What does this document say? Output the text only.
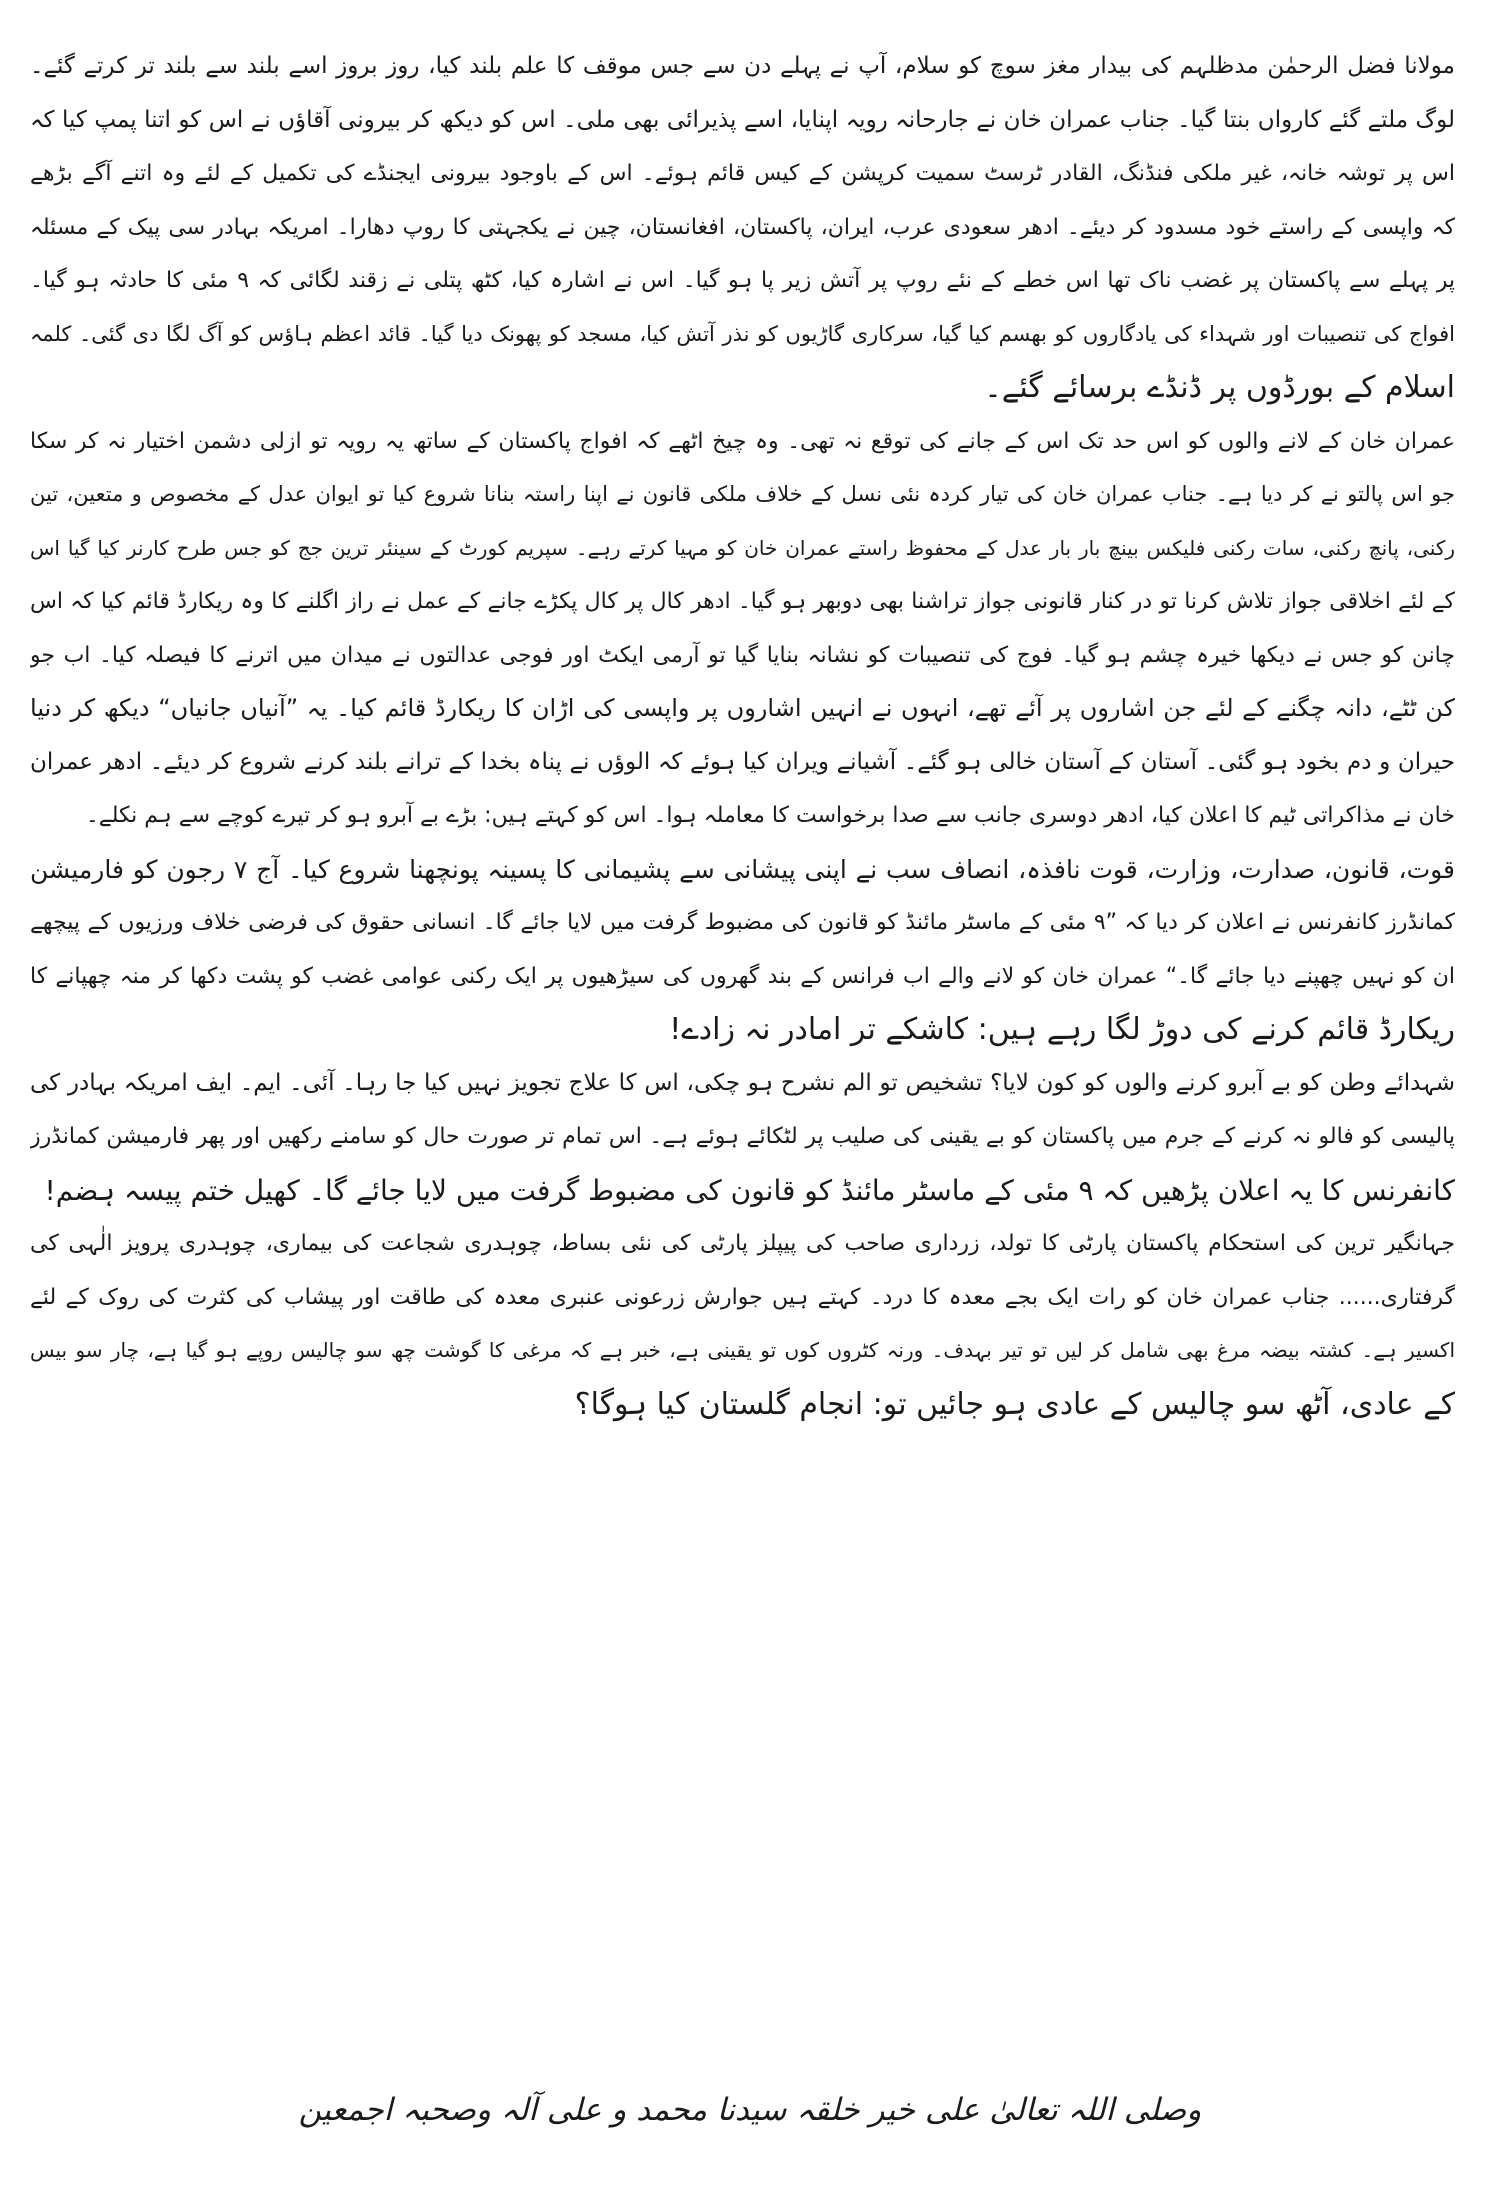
مولانا فضل الرحمٰن مدظلہم کی بیدار مغز سوچ کو سلام، آپ نے پہلے دن سے جس موقف کا علم بلند کیا، روز بروز اسے بلند سے بلند تر کرتے گئے۔
لوگ ملتے گئے کارواں بنتا گیا۔ جناب عمران خان نے جارحانہ رویہ اپنایا، اسے پذیرائی بھی ملی۔ اس کو دیکھ کر بیرونی آقاؤں نے اس کو اتنا پمپ کیا کہ
اس پر توشہ خانہ، غیر ملکی فنڈنگ، القادر ٹرسٹ سمیت کرپشن کے کیس قائم ہوئے۔ اس کے باوجود بیرونی ایجنڈے کی تکمیل کے لئے وہ اتنے آگے بڑھے
کہ واپسی کے راستے خود مسدود کر دیئے۔ ادھر سعودی عرب، ایران، پاکستان، افغانستان، چین نے یکجہتی کا روپ دھارا۔ امریکہ بہادر سی پیک کے مسئلہ
پر پہلے سے پاکستان پر غضب ناک تھا اس خطے کے نئے روپ پر آتش زیر پا ہو گیا۔ اس نے اشارہ کیا، کٹھ پتلی نے زقند لگائی کہ ۹ مئی کا حادثہ ہو گیا۔
افواج کی تنصیبات اور شہداء کی یادگاروں کو بھسم کیا گیا، سرکاری گاڑیوں کو نذر آتش کیا، مسجد کو پھونک دیا گیا۔ قائد اعظم ہاؤس کو آگ لگا دی گئی۔ کلمہ
اسلام کے بورڈوں پر ڈنڈے برسائے گئے۔
عمران خان کے لانے والوں کو اس حد تک اس کے جانے کی توقع نہ تھی۔ وہ چیخ اٹھے کہ افواج پاکستان کے ساتھ یہ رویہ تو ازلی دشمن اختیار نہ کر سکا
جو اس پالتو نے کر دیا ہے۔ جناب عمران خان کی تیار کردہ نئی نسل کے خلاف ملکی قانون نے اپنا راستہ بنانا شروع کیا تو ایوان عدل کے مخصوص و متعین، تین
رکنی، پانچ رکنی، سات رکنی فلیکس بینچ بار بار عدل کے محفوظ راستے عمران خان کو مہیا کرتے رہے۔ سپریم کورٹ کے سینئر ترین جج کو جس طرح کارنر کیا گیا اس
کے لئے اخلاقی جواز تلاش کرنا تو در کنار قانونی جواز تراشنا بھی دوبھر ہو گیا۔ ادھر کال پر کال پکڑے جانے کے عمل نے راز اگلنے کا وہ ریکارڈ قائم کیا کہ اس
چانن کو جس نے دیکھا خیرہ چشم ہو گیا۔ فوج کی تنصیبات کو نشانہ بنایا گیا تو آرمی ایکٹ اور فوجی عدالتوں نے میدان میں اترنے کا فیصلہ کیا۔ اب جو
کن ٹٹے، دانہ چگنے کے لئے جن اشاروں پر آئے تھے، انہوں نے انہیں اشاروں پر واپسی کی اڑان کا ریکارڈ قائم کیا۔ یہ ”آنیاں جانیاں“ دیکھ کر دنیا
حیران و دم بخود ہو گئی۔ آستان کے آستان خالی ہو گئے۔ آشیانے ویران کیا ہوئے کہ الوؤں نے پناہ بخدا کے ترانے بلند کرنے شروع کر دیئے۔ ادھر عمران
خان نے مذاکراتی ٹیم کا اعلان کیا، ادھر دوسری جانب سے صدا برخواست کا معاملہ ہوا۔ اس کو کہتے ہیں: بڑے بے آبرو ہو کر تیرے کوچے سے ہم نکلے۔
قوت، قانون، صدارت، وزارت، قوت نافذہ، انصاف سب نے اپنی پیشانی سے پشیمانی کا پسینہ پونچھنا شروع کیا۔ آج ۷ رجون کو فارمیشن
کمانڈرز کانفرنس نے اعلان کر دیا کہ ”۹ مئی کے ماسٹر مائنڈ کو قانون کی مضبوط گرفت میں لایا جائے گا۔ انسانی حقوق کی فرضی خلاف ورزیوں کے پیچھے
ان کو نہیں چھپنے دیا جائے گا۔“ عمران خان کو لانے والے اب فرانس کے بند گھروں کی سیڑھیوں پر ایک رکنی عوامی غضب کو پشت دکھا کر منہ چھپانے کا
ریکارڈ قائم کرنے کی دوڑ لگا رہے ہیں: کاشکے تر امادر نہ زادے!
شہدائے وطن کو بے آبرو کرنے والوں کو کون لایا؟ تشخیص تو الم نشرح ہو چکی، اس کا علاج تجویز نہیں کیا جا رہا۔ آئی۔ ایم۔ ایف امریکہ بہادر کی
پالیسی کو فالو نہ کرنے کے جرم میں پاکستان کو بے یقینی کی صلیب پر لٹکائے ہوئے ہے۔ اس تمام تر صورت حال کو سامنے رکھیں اور پھر فارمیشن کمانڈرز
کانفرنس کا یہ اعلان پڑھیں کہ ۹ مئی کے ماسٹر مائنڈ کو قانون کی مضبوط گرفت میں لایا جائے گا۔ کھیل ختم پیسہ ہضم!
جہانگیر ترین کی استحکام پاکستان پارٹی کا تولد، زرداری صاحب کی پیپلز پارٹی کی نئی بساط، چوہدری شجاعت کی بیماری، چوہدری پرویز الٰہی کی
گرفتاری...... جناب عمران خان کو رات ایک بجے معدہ کا درد۔ کہتے ہیں جوارش زرعونی عنبری معدہ کی طاقت اور پیشاب کی کثرت کی روک کے لئے
اکسیر ہے۔ کشتہ بیضہ مرغ بھی شامل کر لیں تو تیر بہدف۔ ورنہ کٹروں کوں تو یقینی ہے، خبر ہے کہ مرغی کا گوشت چھ سو چالیس روپے ہو گیا ہے، چار سو بیس
کے عادی، آٹھ سو چالیس کے عادی ہو جائیں تو: انجام گلستان کیا ہوگا؟
وصلی اللہ تعالیٰ علی خیر خلقہ سیدنا محمد و علی آلہ وصحبہ اجمعین
